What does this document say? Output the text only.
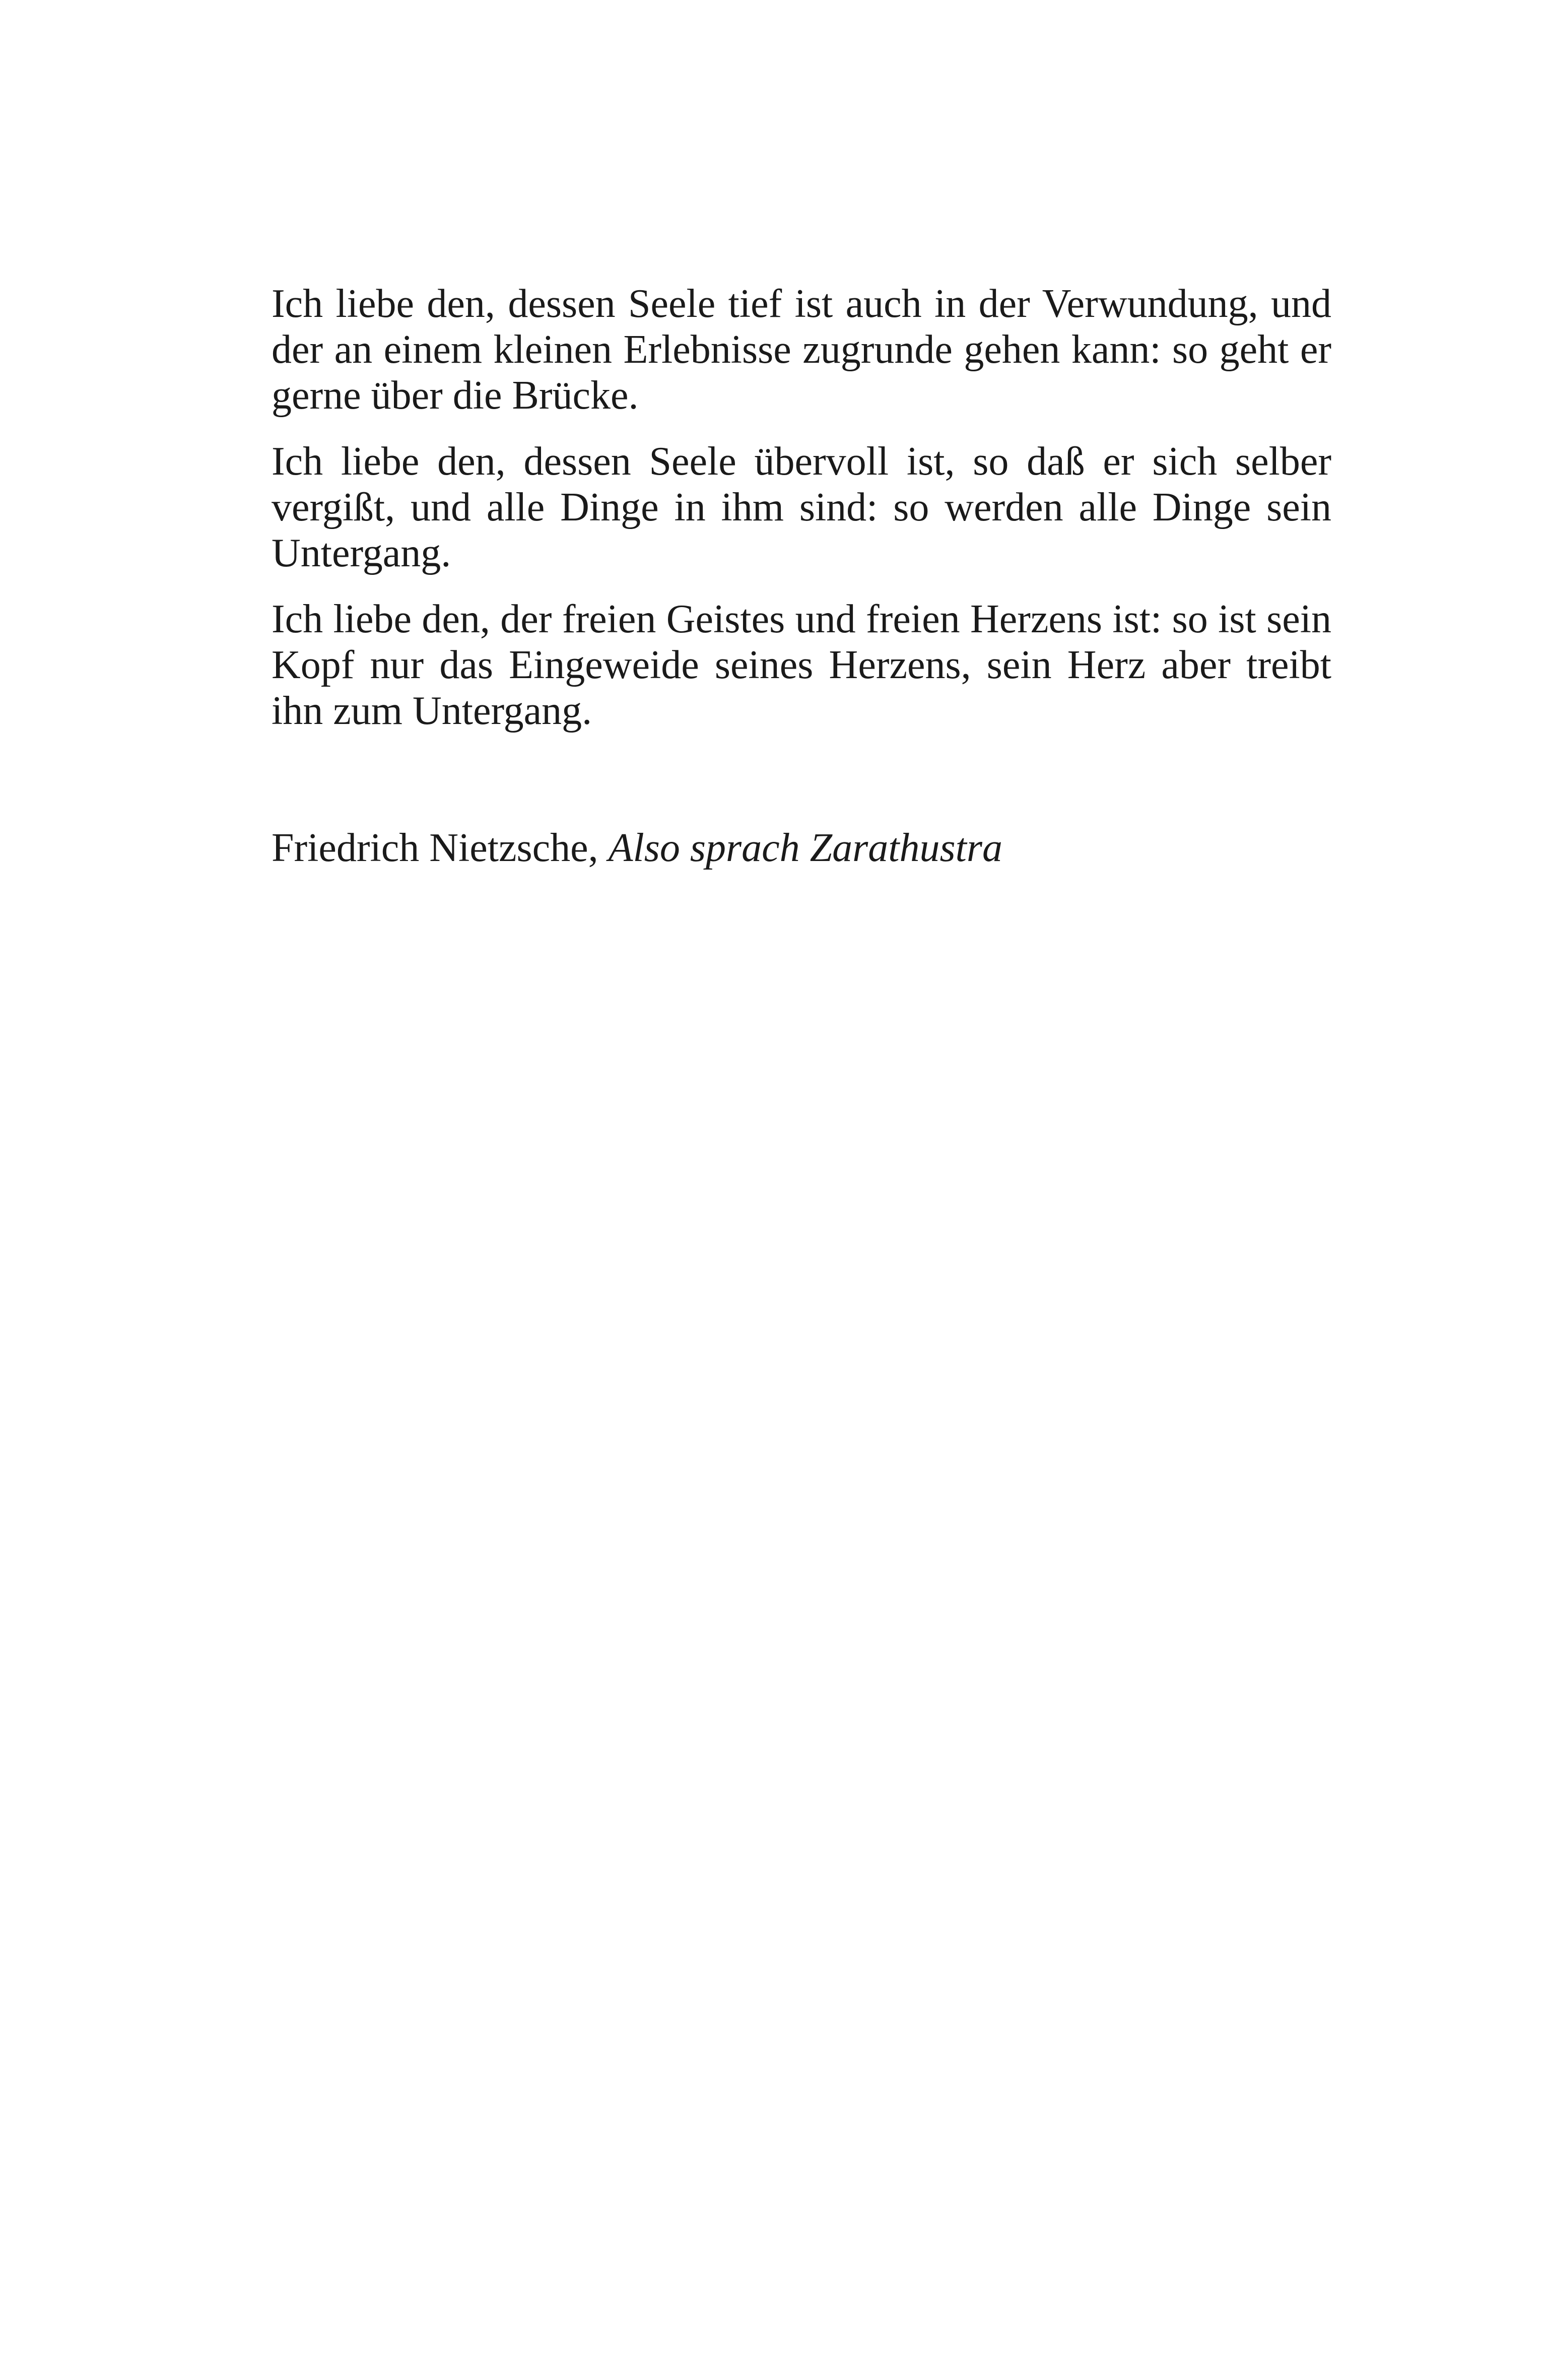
Ich liebe den, dessen Seele tief ist auch in der Verwundung, und der an einem kleinen Erlebnisse zugrunde gehen kann: so geht er gerne über die Brücke.

Ich liebe den, dessen Seele übervoll ist, so daß er sich selber vergißt, und alle Dinge in ihm sind: so werden alle Dinge sein Untergang.

Ich liebe den, der freien Geistes und freien Herzens ist: so ist sein Kopf nur das Eingeweide seines Herzens, sein Herz aber treibt ihn zum Untergang.

Friedrich Nietzsche, Also sprach Zarathustra
